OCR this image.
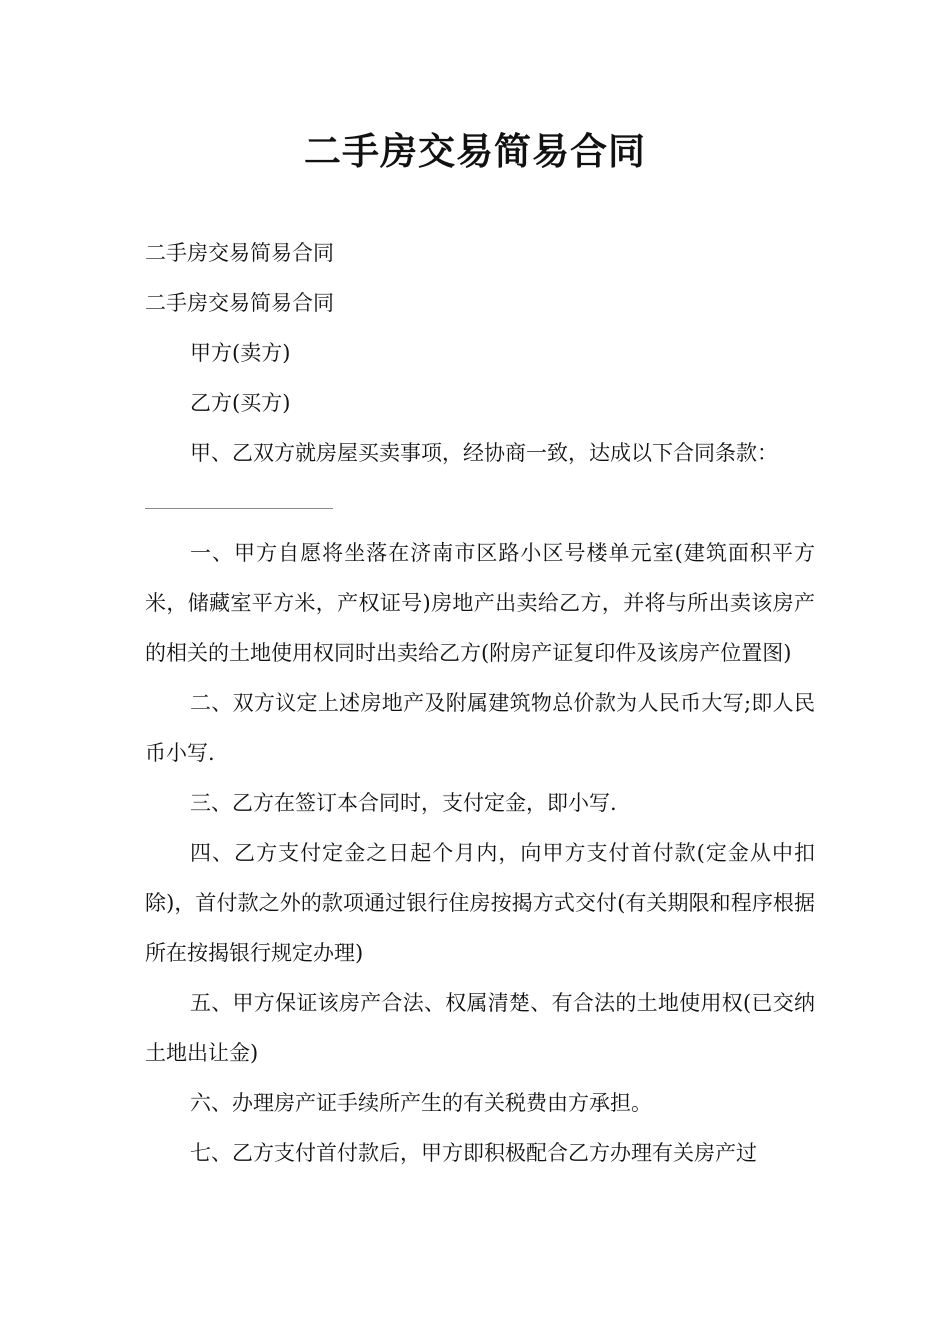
二手房交易简易合同

二手房交易简易合同

二手房交易简易合同

甲方(卖方)

乙方(买方)

甲、乙双方就房屋买卖事项，经协商一致，达成以下合同条款：

一、甲方自愿将坐落在济南市区路小区号楼单元室(建筑面积平方米，储藏室平方米，产权证号)房地产出卖给乙方，并将与所出卖该房产的相关的土地使用权同时出卖给乙方(附房产证复印件及该房产位置图)

二、双方议定上述房地产及附属建筑物总价款为人民币大写;即人民币小写.

三、乙方在签订本合同时，支付定金，即小写.

四、乙方支付定金之日起个月内，向甲方支付首付款(定金从中扣除)，首付款之外的款项通过银行住房按揭方式交付(有关期限和程序根据所在按揭银行规定办理)

五、甲方保证该房产合法、权属清楚、有合法的土地使用权(已交纳土地出让金)

六、办理房产证手续所产生的有关税费由方承担。

七、乙方支付首付款后，甲方即积极配合乙方办理有关房产过
